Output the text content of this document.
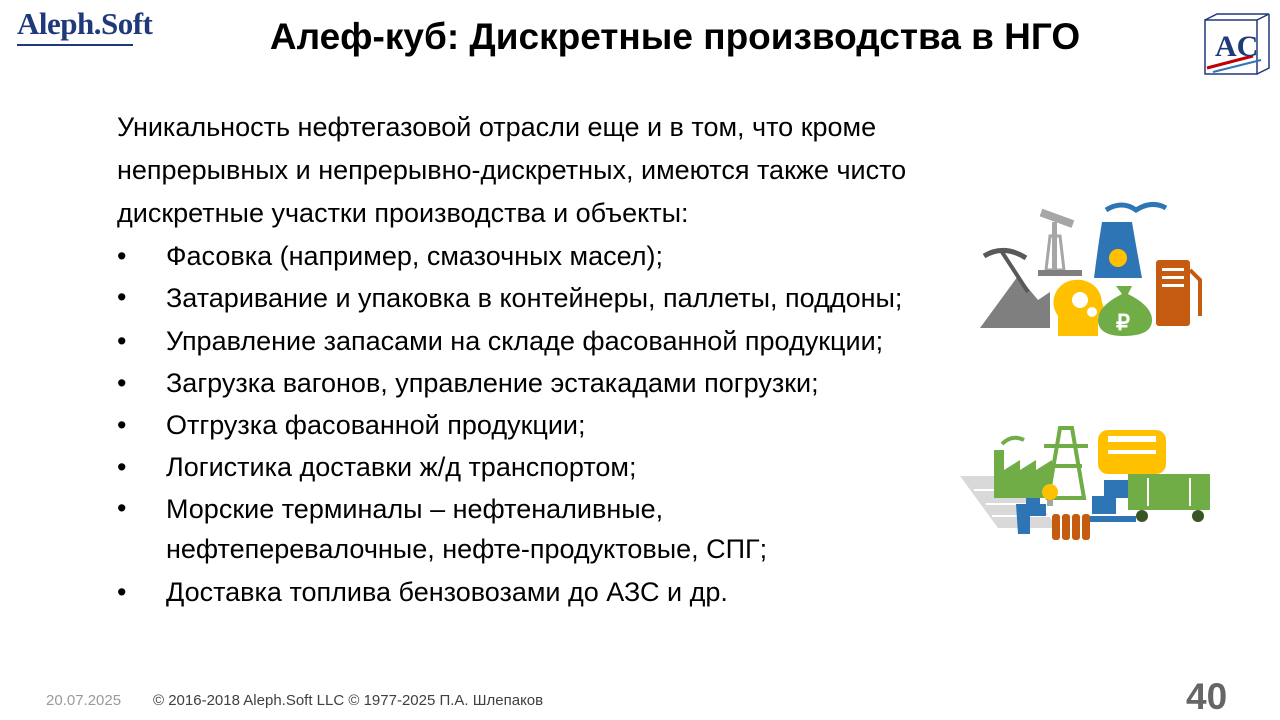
Aleph.Soft	Алеф-куб: Дискретные производства в НГО	AC

Уникальность нефтегазовой отрасли еще и в том, что кроме непрерывных и непрерывно-дискретных, имеются также чисто дискретные участки производства и объекты:

• Фасовка (например, смазочных масел);
• Затаривание и упаковка в контейнеры, паллеты, поддоны;
• Управление запасами на складе фасованной продукции;
• Загрузка вагонов, управление эстакадами погрузки;
• Отгрузка фасованной продукции;
• Логистика доставки ж/д транспортом;
• Морские терминалы – нефтеналивные, нефтеперевалочные, нефте-продуктовые, СПГ;
• Доставка топлива бензовозами до АЗС и др.
₽
20.07.2025 © 2016-2018 Aleph.Soft LLC © 1977-2025 П.А. Шлепаков	40
